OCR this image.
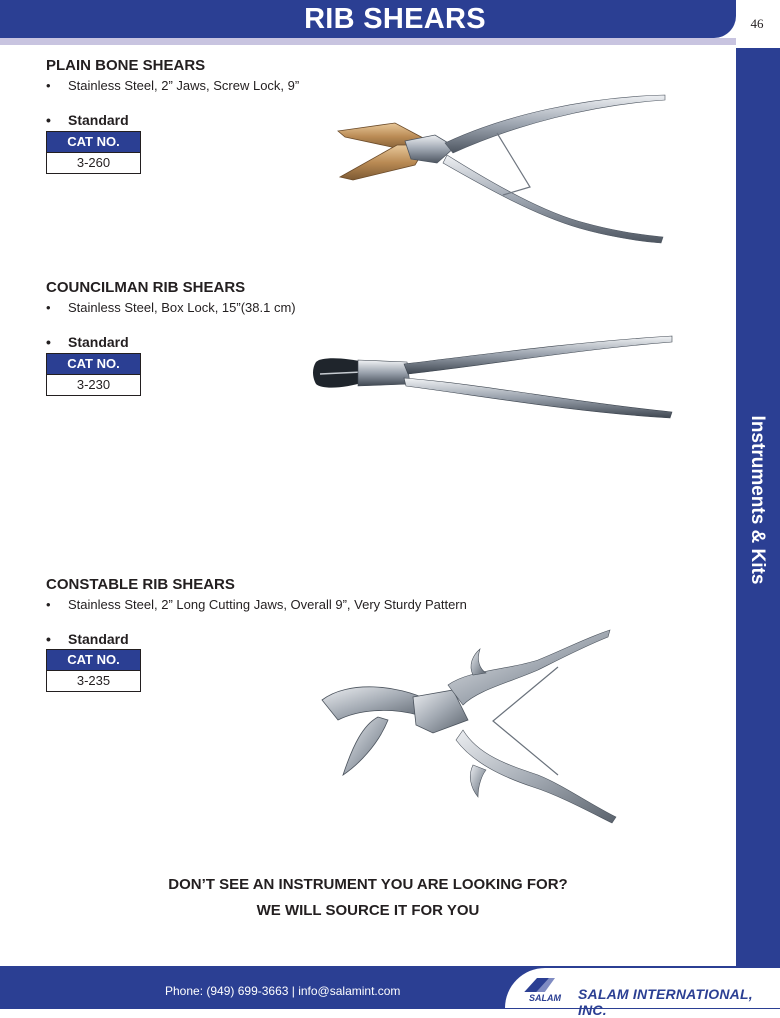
RIB SHEARS	46
Instruments & Kits
PLAIN BONE SHEARS
•	Stainless Steel, 2” Jaws, Screw Lock, 9”
•	Standard
CAT NO.
3-260
COUNCILMAN RIB SHEARS
•	Stainless Steel, Box Lock, 15”(38.1 cm)
•	Standard
CAT NO.
3-230
CONSTABLE RIB SHEARS
•	Stainless Steel, 2” Long Cutting Jaws, Overall 9”, Very Sturdy Pattern
•	Standard
CAT NO.
3-235
DON’T SEE AN INSTRUMENT YOU ARE LOOKING FOR?
WE WILL SOURCE IT FOR YOU
Phone: (949) 699-3663 | info@salamint.com	SALAM SALAM INTERNATIONAL, INC.
